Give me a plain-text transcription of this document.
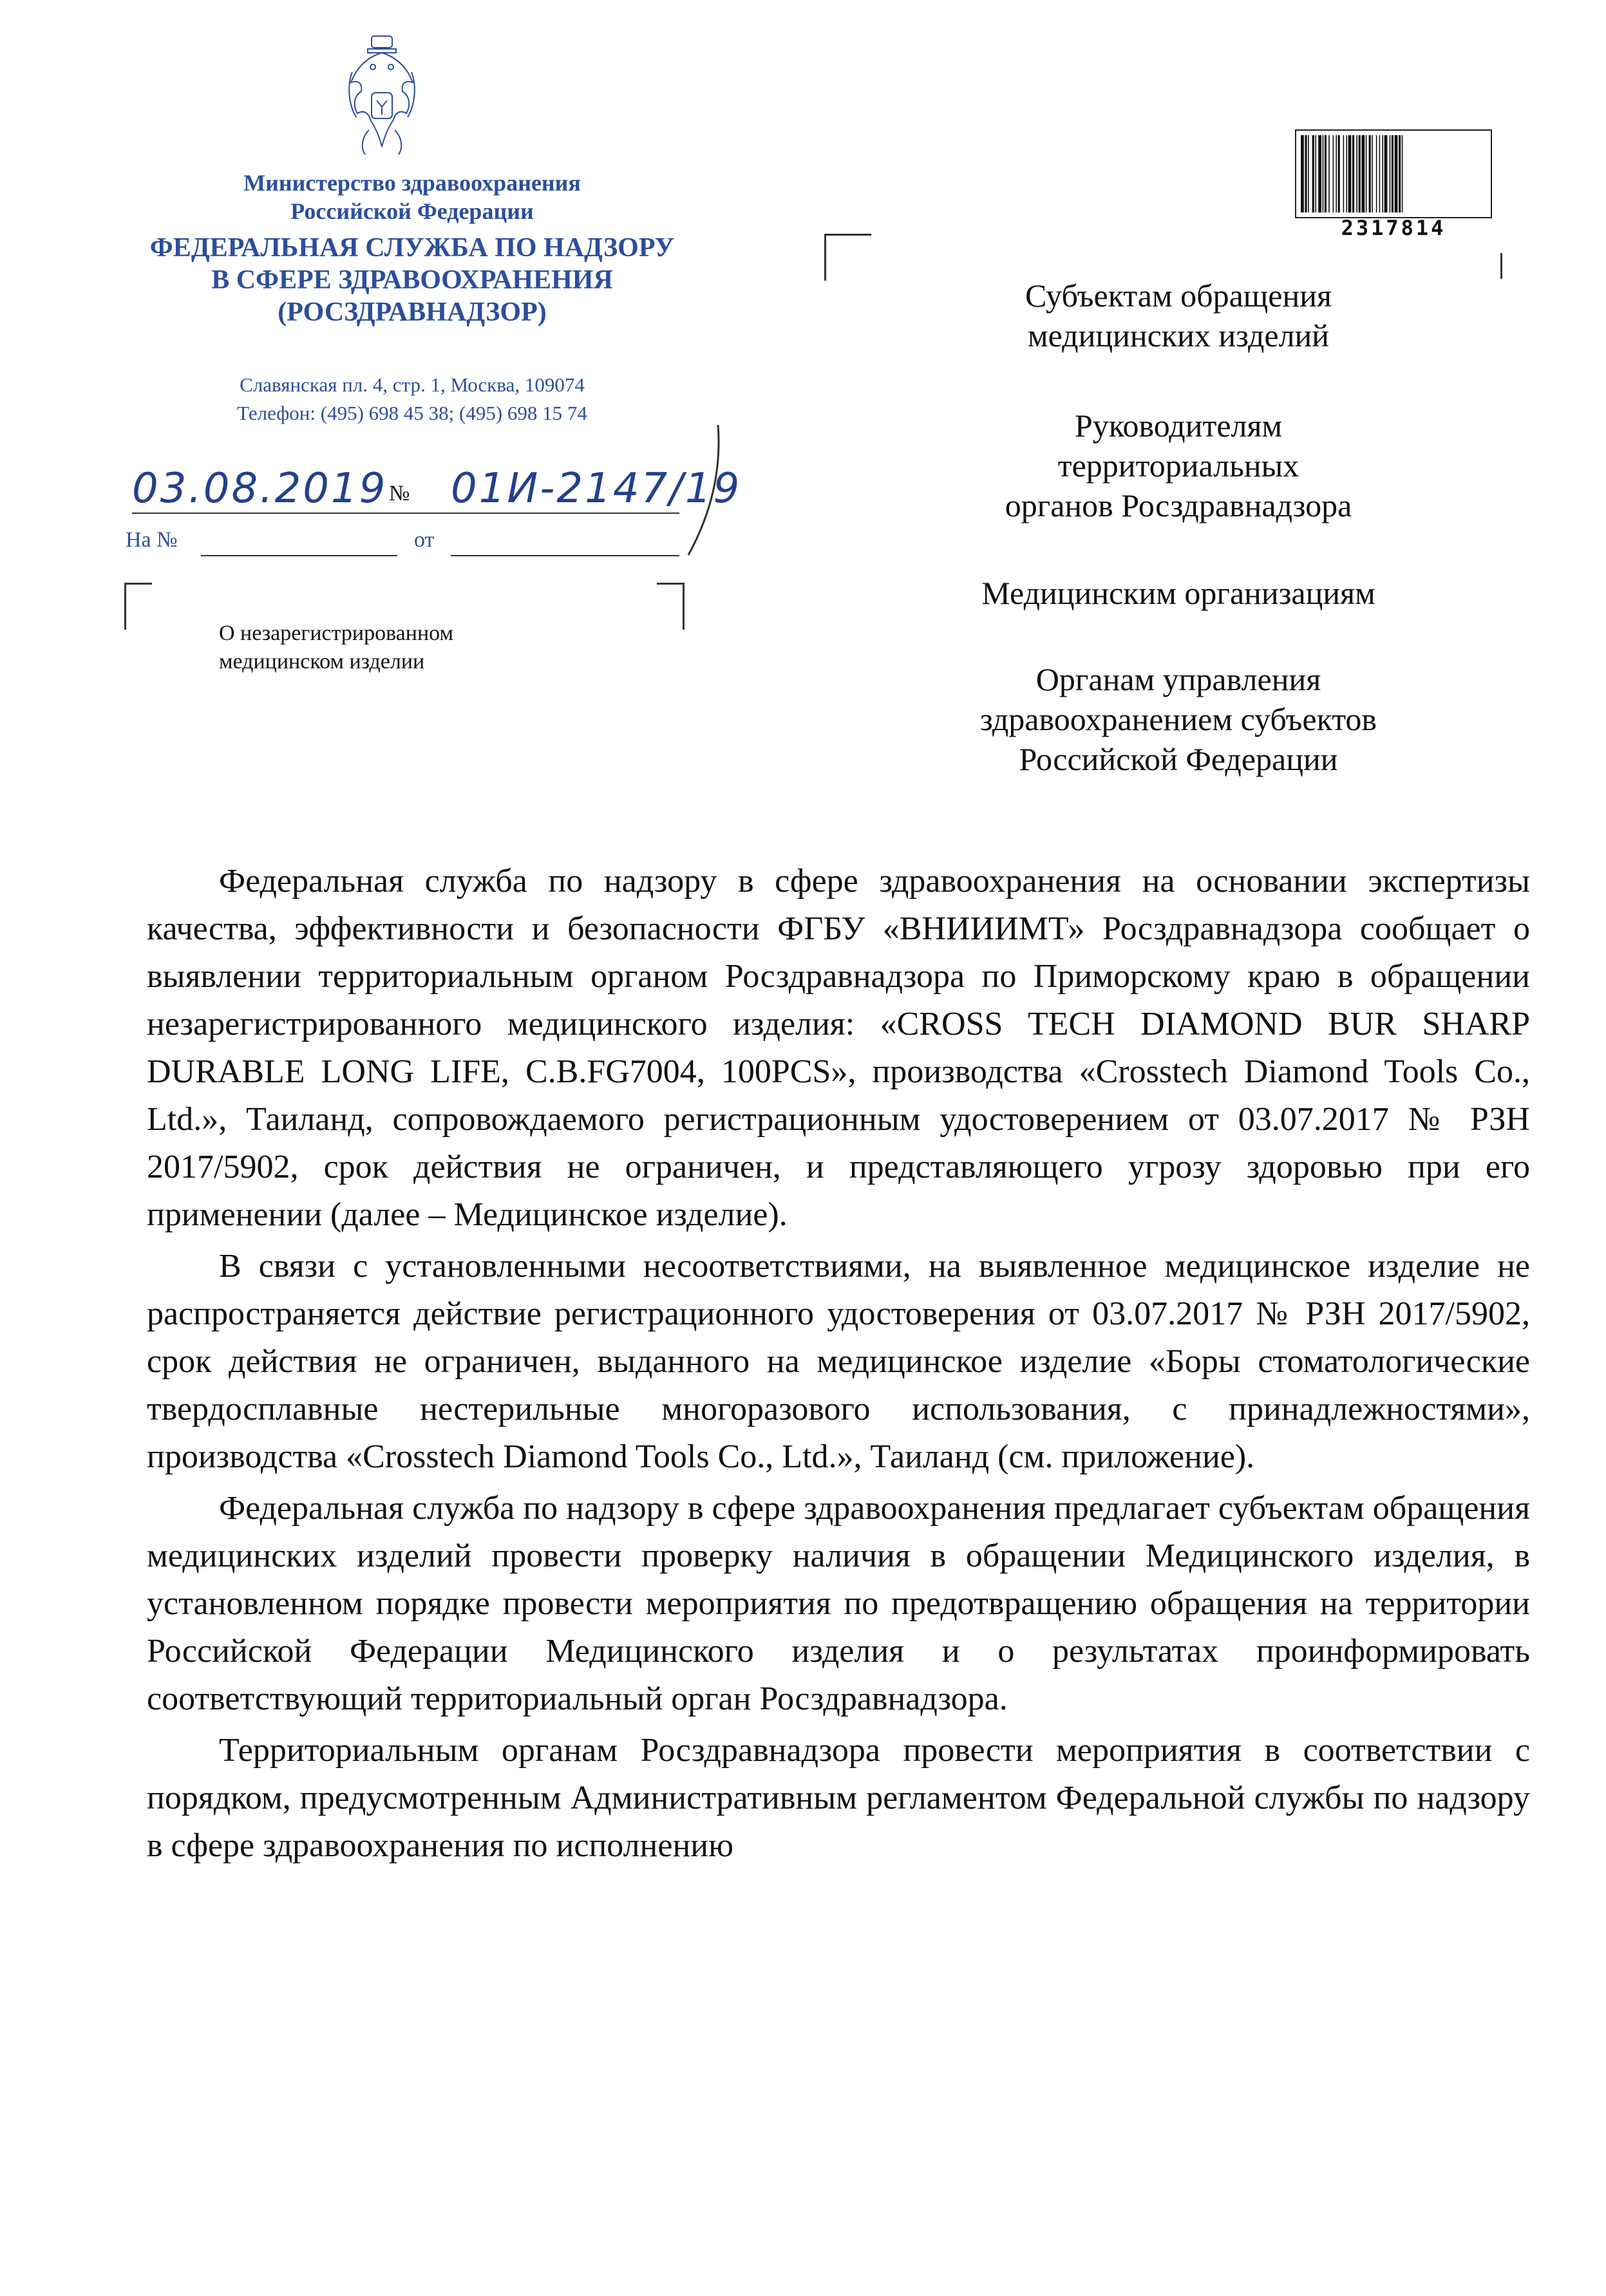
Министерство здравоохранения
Российской Федерации
ФЕДЕРАЛЬНАЯ СЛУЖБА ПО НАДЗОРУ
В СФЕРЕ ЗДРАВООХРАНЕНИЯ
(РОСЗДРАВНАДЗОР)
Славянская пл. 4, стр. 1, Москва, 109074
Телефон: (495) 698 45 38; (495) 698 15 74
03.08.2019 № 01И-2147/19
На №	от
О незарегистрированном
медицинском изделии
2317814
Субъектам обращения
медицинских изделий
Руководителям
территориальных
органов Росздравнадзора
Медицинским организациям
Органам управления
здравоохранением субъектов
Российской Федерации

Федеральная служба по надзору в сфере здравоохранения на основании экспертизы качества, эффективности и безопасности ФГБУ «ВНИИИМТ» Росздравнадзора сообщает о выявлении территориальным органом Росздравнадзора по Приморскому краю в обращении незарегистрированного медицинского изделия: «CROSS TECH DIAMOND BUR SHARP DURABLE LONG LIFE, C.B.FG7004, 100PCS», производства «Crosstech Diamond Tools Co., Ltd.», Таиланд, сопровождаемого регистрационным удостоверением от 03.07.2017 № РЗН 2017/5902, срок действия не ограничен, и представляющего угрозу здоровью при его применении (далее – Медицинское изделие).

В связи с установленными несоответствиями, на выявленное медицинское изделие не распространяется действие регистрационного удостоверения от 03.07.2017 № РЗН 2017/5902, срок действия не ограничен, выданного на медицинское изделие «Боры стоматологические твердосплавные нестерильные многоразового использования, с принадлежностями», производства «Crosstech Diamond Tools Co., Ltd.», Таиланд (см. приложение).

Федеральная служба по надзору в сфере здравоохранения предлагает субъектам обращения медицинских изделий провести проверку наличия в обращении Медицинского изделия, в установленном порядке провести мероприятия по предотвращению обращения на территории Российской Федерации Медицинского изделия и о результатах проинформировать соответствующий территориальный орган Росздравнадзора.

Территориальным органам Росздравнадзора провести мероприятия в соответствии с порядком, предусмотренным Административным регламентом Федеральной службы по надзору в сфере здравоохранения по исполнению
